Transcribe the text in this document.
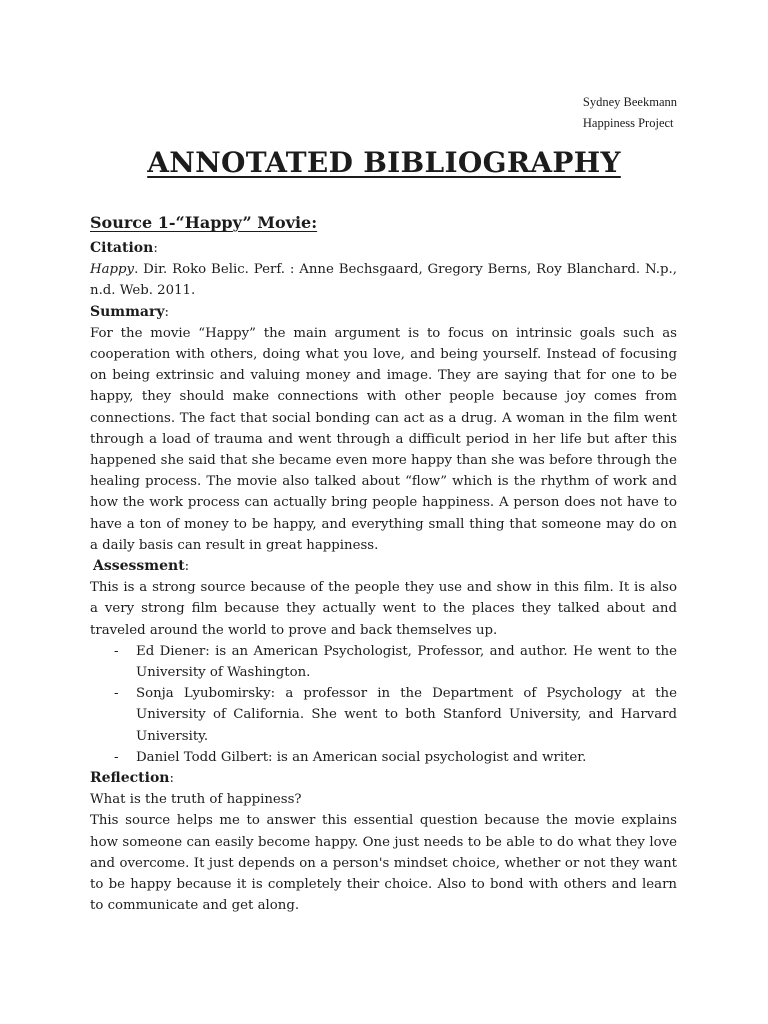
Sydney Beekmann
Happiness Project
ANNOTATED BIBLIOGRAPHY
Source 1-“Happy” Movie:
Citation:

Happy. Dir. Roko Belic. Perf. : Anne Bechsgaard, Gregory Berns, Roy Blanchard. N.p., n.d. Web. 2011.

Summary:

For the movie “Happy” the main argument is to focus on intrinsic goals such as cooperation with others, doing what you love, and being yourself. Instead of focusing on being extrinsic and valuing money and image. They are saying that for one to be happy, they should make connections with other people because joy comes from connections. The fact that social bonding can act as a drug. A woman in the film went through a load of trauma and went through a difficult period in her life but after this happened she said that she became even more happy than she was before through the healing process. The movie also talked about “flow” which is the rhythm of work and how the work process can actually bring people happiness. A person does not have to have a ton of money to be happy, and everything small thing that someone may do on a daily basis can result in great happiness.

Assessment:

This is a strong source because of the people they use and show in this film. It is also a very strong film because they actually went to the places they talked about and traveled around the world to prove and back themselves up.

- Ed Diener: is an American Psychologist, Professor, and author. He went to the University of Washington.
- Sonja Lyubomirsky: a professor in the Department of Psychology at the University of California. She went to both Stanford University, and Harvard University.
- Daniel Todd Gilbert: is an American social psychologist and writer.
Reflection:

What is the truth of happiness?

This source helps me to answer this essential question because the movie explains how someone can easily become happy. One just needs to be able to do what they love and overcome. It just depends on a person's mindset choice, whether or not they want to be happy because it is completely their choice. Also to bond with others and learn to communicate and get along.
